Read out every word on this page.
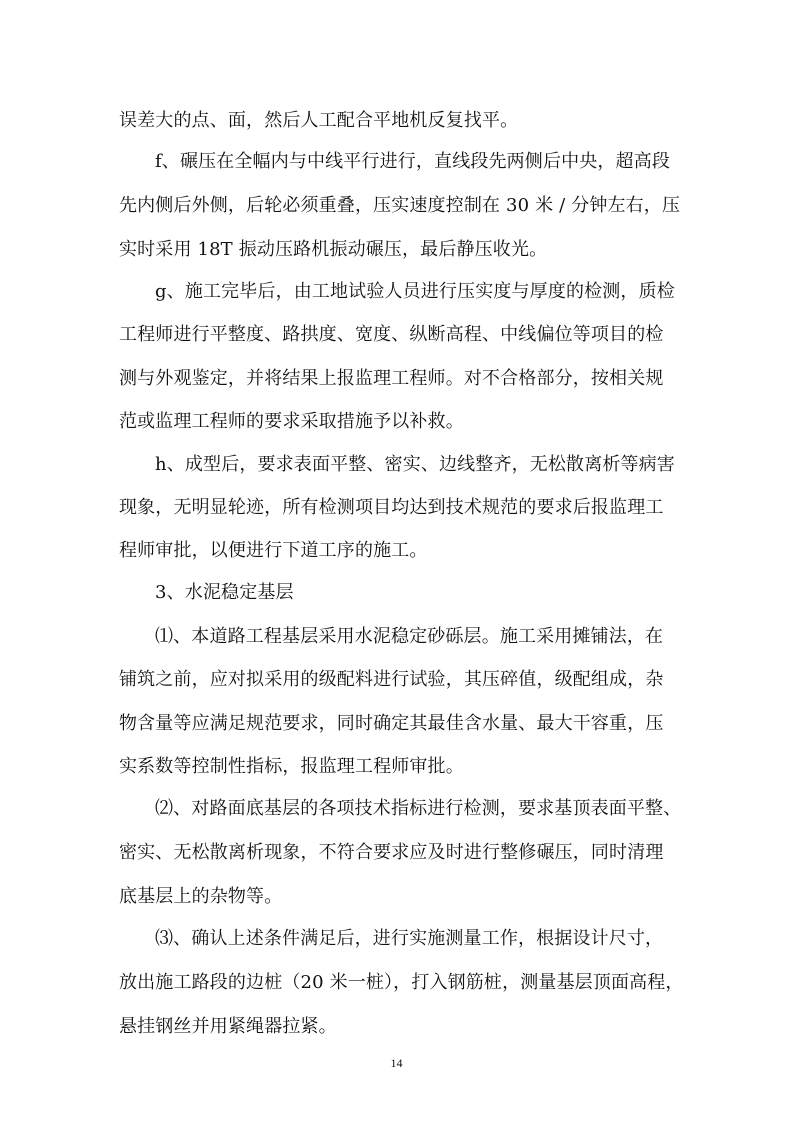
误差大的点、面，然后人工配合平地机反复找平。
f、碾压在全幅内与中线平行进行，直线段先两侧后中央，超高段
先内侧后外侧，后轮必须重叠，压实速度控制在 30 米 / 分钟左右，压
实时采用 18T 振动压路机振动碾压，最后静压收光。
g、施工完毕后，由工地试验人员进行压实度与厚度的检测，质检
工程师进行平整度、路拱度、宽度、纵断高程、中线偏位等项目的检
测与外观鉴定，并将结果上报监理工程师。对不合格部分，按相关规
范或监理工程师的要求采取措施予以补救。
h、成型后，要求表面平整、密实、边线整齐，无松散离析等病害
现象，无明显轮迹，所有检测项目均达到技术规范的要求后报监理工
程师审批，以便进行下道工序的施工。
3、水泥稳定基层
⑴、本道路工程基层采用水泥稳定砂砾层。施工采用摊铺法，在
铺筑之前，应对拟采用的级配料进行试验，其压碎值，级配组成，杂
物含量等应满足规范要求，同时确定其最佳含水量、最大干容重，压
实系数等控制性指标，报监理工程师审批。
⑵、对路面底基层的各项技术指标进行检测，要求基顶表面平整、
密实、无松散离析现象，不符合要求应及时进行整修碾压，同时清理
底基层上的杂物等。
⑶、确认上述条件满足后，进行实施测量工作，根据设计尺寸，
放出施工路段的边桩（20 米一桩），打入钢筋桩，测量基层顶面高程，
悬挂钢丝并用紧绳器拉紧。
14
